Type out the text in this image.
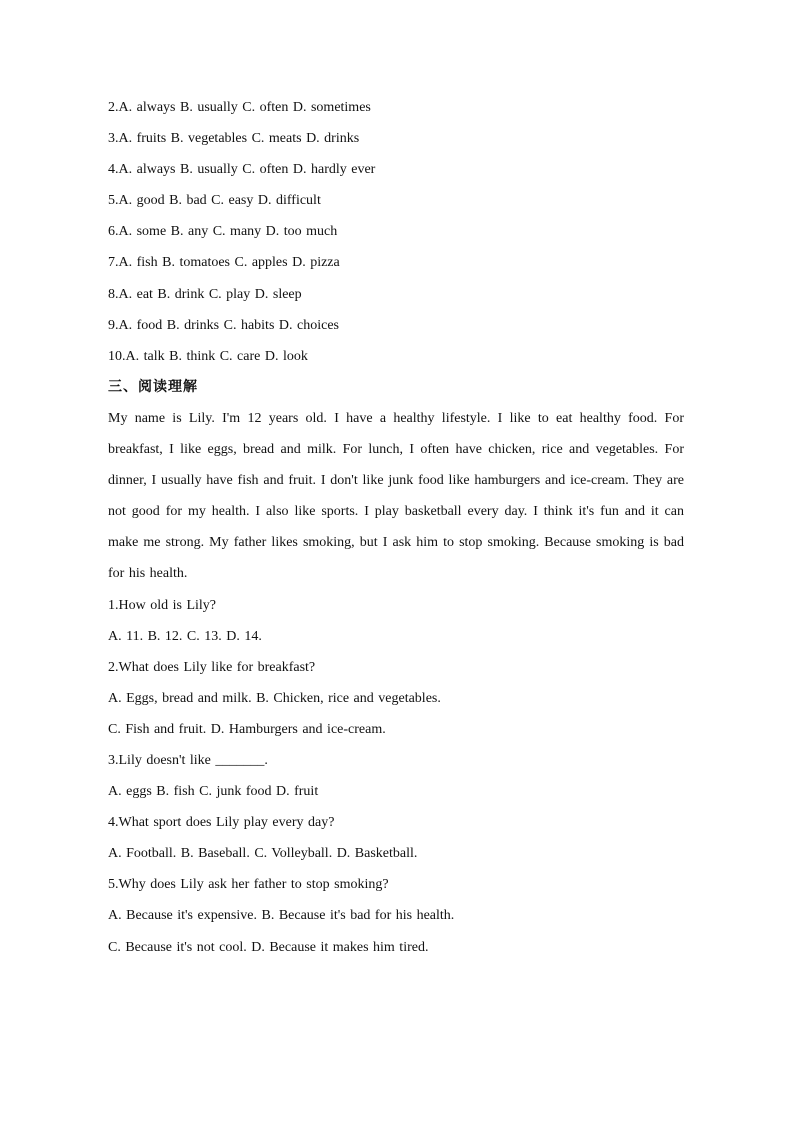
2.A. always B. usually C. often D. sometimes
3.A. fruits B. vegetables C. meats D. drinks
4.A. always B. usually C. often D. hardly ever
5.A. good B. bad C. easy D. difficult
6.A. some B. any C. many D. too much
7.A. fish B. tomatoes C. apples D. pizza
8.A. eat B. drink C. play D. sleep
9.A. food B. drinks C. habits D. choices
10.A. talk B. think C. care D. look
三、阅读理解
My name is Lily. I'm 12 years old. I have a healthy lifestyle. I like to eat healthy food. For breakfast, I like eggs, bread and milk. For lunch, I often have chicken, rice and vegetables. For dinner, I usually have fish and fruit. I don't like junk food like hamburgers and ice-cream. They are not good for my health. I also like sports. I play basketball every day. I think it's fun and it can make me strong. My father likes smoking, but I ask him to stop smoking. Because smoking is bad for his health.
1.How old is Lily?
A. 11. B. 12. C. 13. D. 14.
2.What does Lily like for breakfast?
A. Eggs, bread and milk. B. Chicken, rice and vegetables.
C. Fish and fruit. D. Hamburgers and ice-cream.
3.Lily doesn't like _______.
A. eggs B. fish C. junk food D. fruit
4.What sport does Lily play every day?
A. Football. B. Baseball. C. Volleyball. D. Basketball.
5.Why does Lily ask her father to stop smoking?
A. Because it's expensive. B. Because it's bad for his health.
C. Because it's not cool. D. Because it makes him tired.
